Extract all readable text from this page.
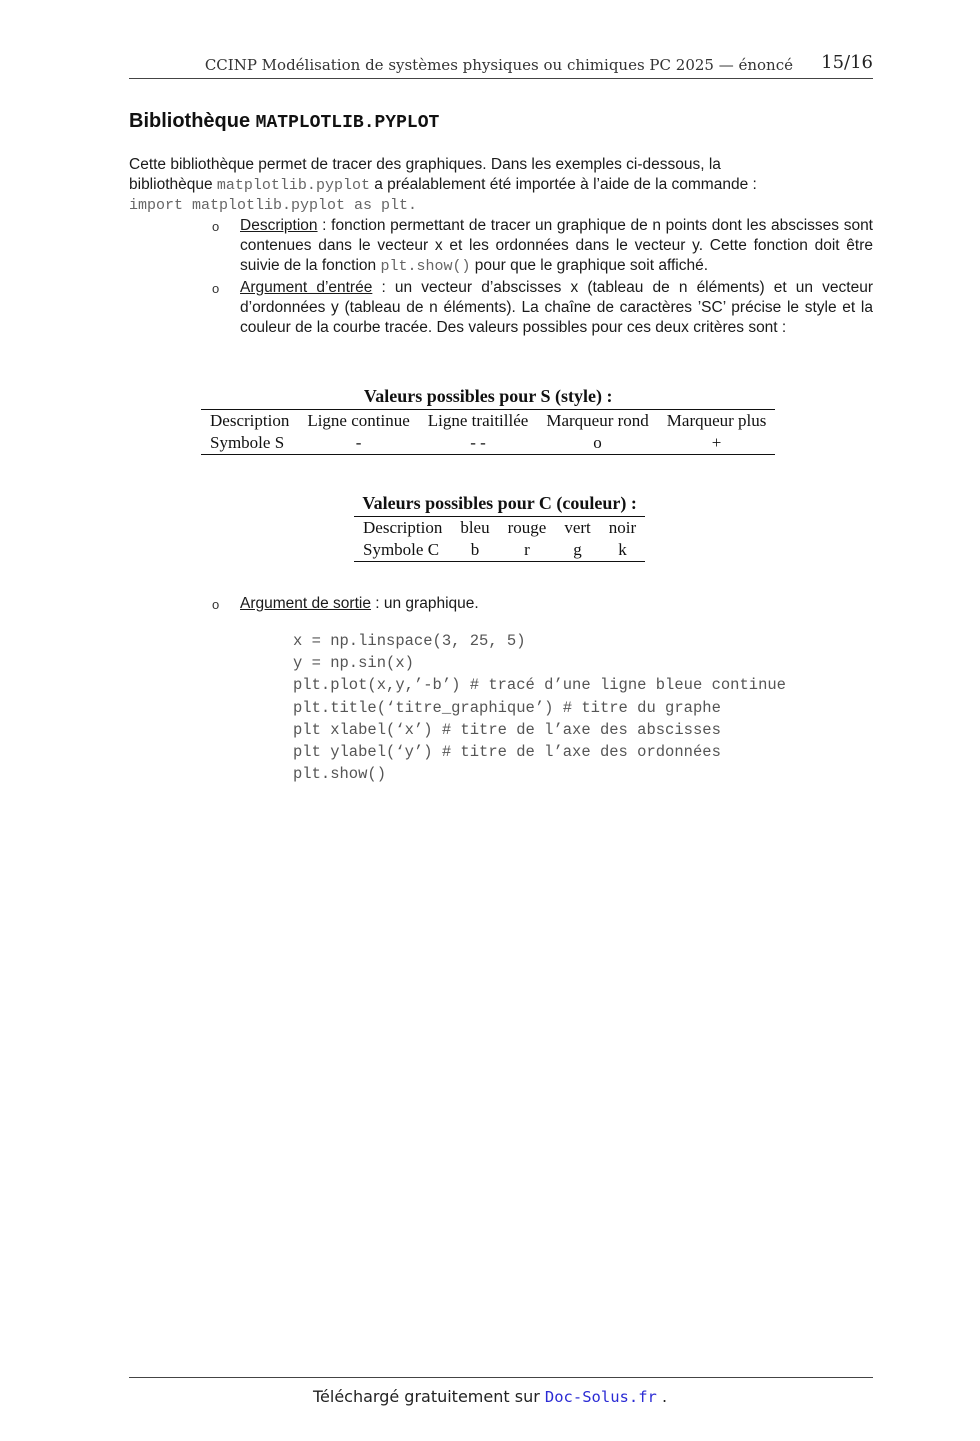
CCINP Modélisation de systèmes physiques ou chimiques PC 2025 — énoncé 15/16
Bibliothèque MATPLOTLIB.PYPLOT
Cette bibliothèque permet de tracer des graphiques. Dans les exemples ci-dessous, la
bibliothèque matplotlib.pyplot a préalablement été importée à l’aide de la commande :
import matplotlib.pyplot as plt.
o Description : fonction permettant de tracer un graphique de n points dont les abscisses sont contenues dans le vecteur x et les ordonnées dans le vecteur y. Cette fonction doit être suivie de la fonction plt.show() pour que le graphique soit affiché.
o Argument d’entrée : un vecteur d’abscisses x (tableau de n éléments) et un vecteur d’ordonnées y (tableau de n éléments). La chaîne de caractères ’SC’ précise le style et la couleur de la courbe tracée. Des valeurs possibles pour ces deux critères sont :
Valeurs possibles pour S (style) :
Description	Ligne continue	Ligne traitillée	Marqueur rond	Marqueur plus
Symbole S	-	- -	o	+
Valeurs possibles pour C (couleur) :
Description	bleu	rouge	vert	noir
Symbole C	b	r	g	k
o Argument de sortie : un graphique.
x = np.linspace(3, 25, 5)
y = np.sin(x)
plt.plot(x,y,’-b’) # tracé d’une ligne bleue continue
plt.title(‘titre_graphique’) # titre du graphe
plt xlabel(‘x’) # titre de l’axe des abscisses
plt ylabel(‘y’) # titre de l’axe des ordonnées
plt.show()
Téléchargé gratuitement sur Doc-Solus.fr .
